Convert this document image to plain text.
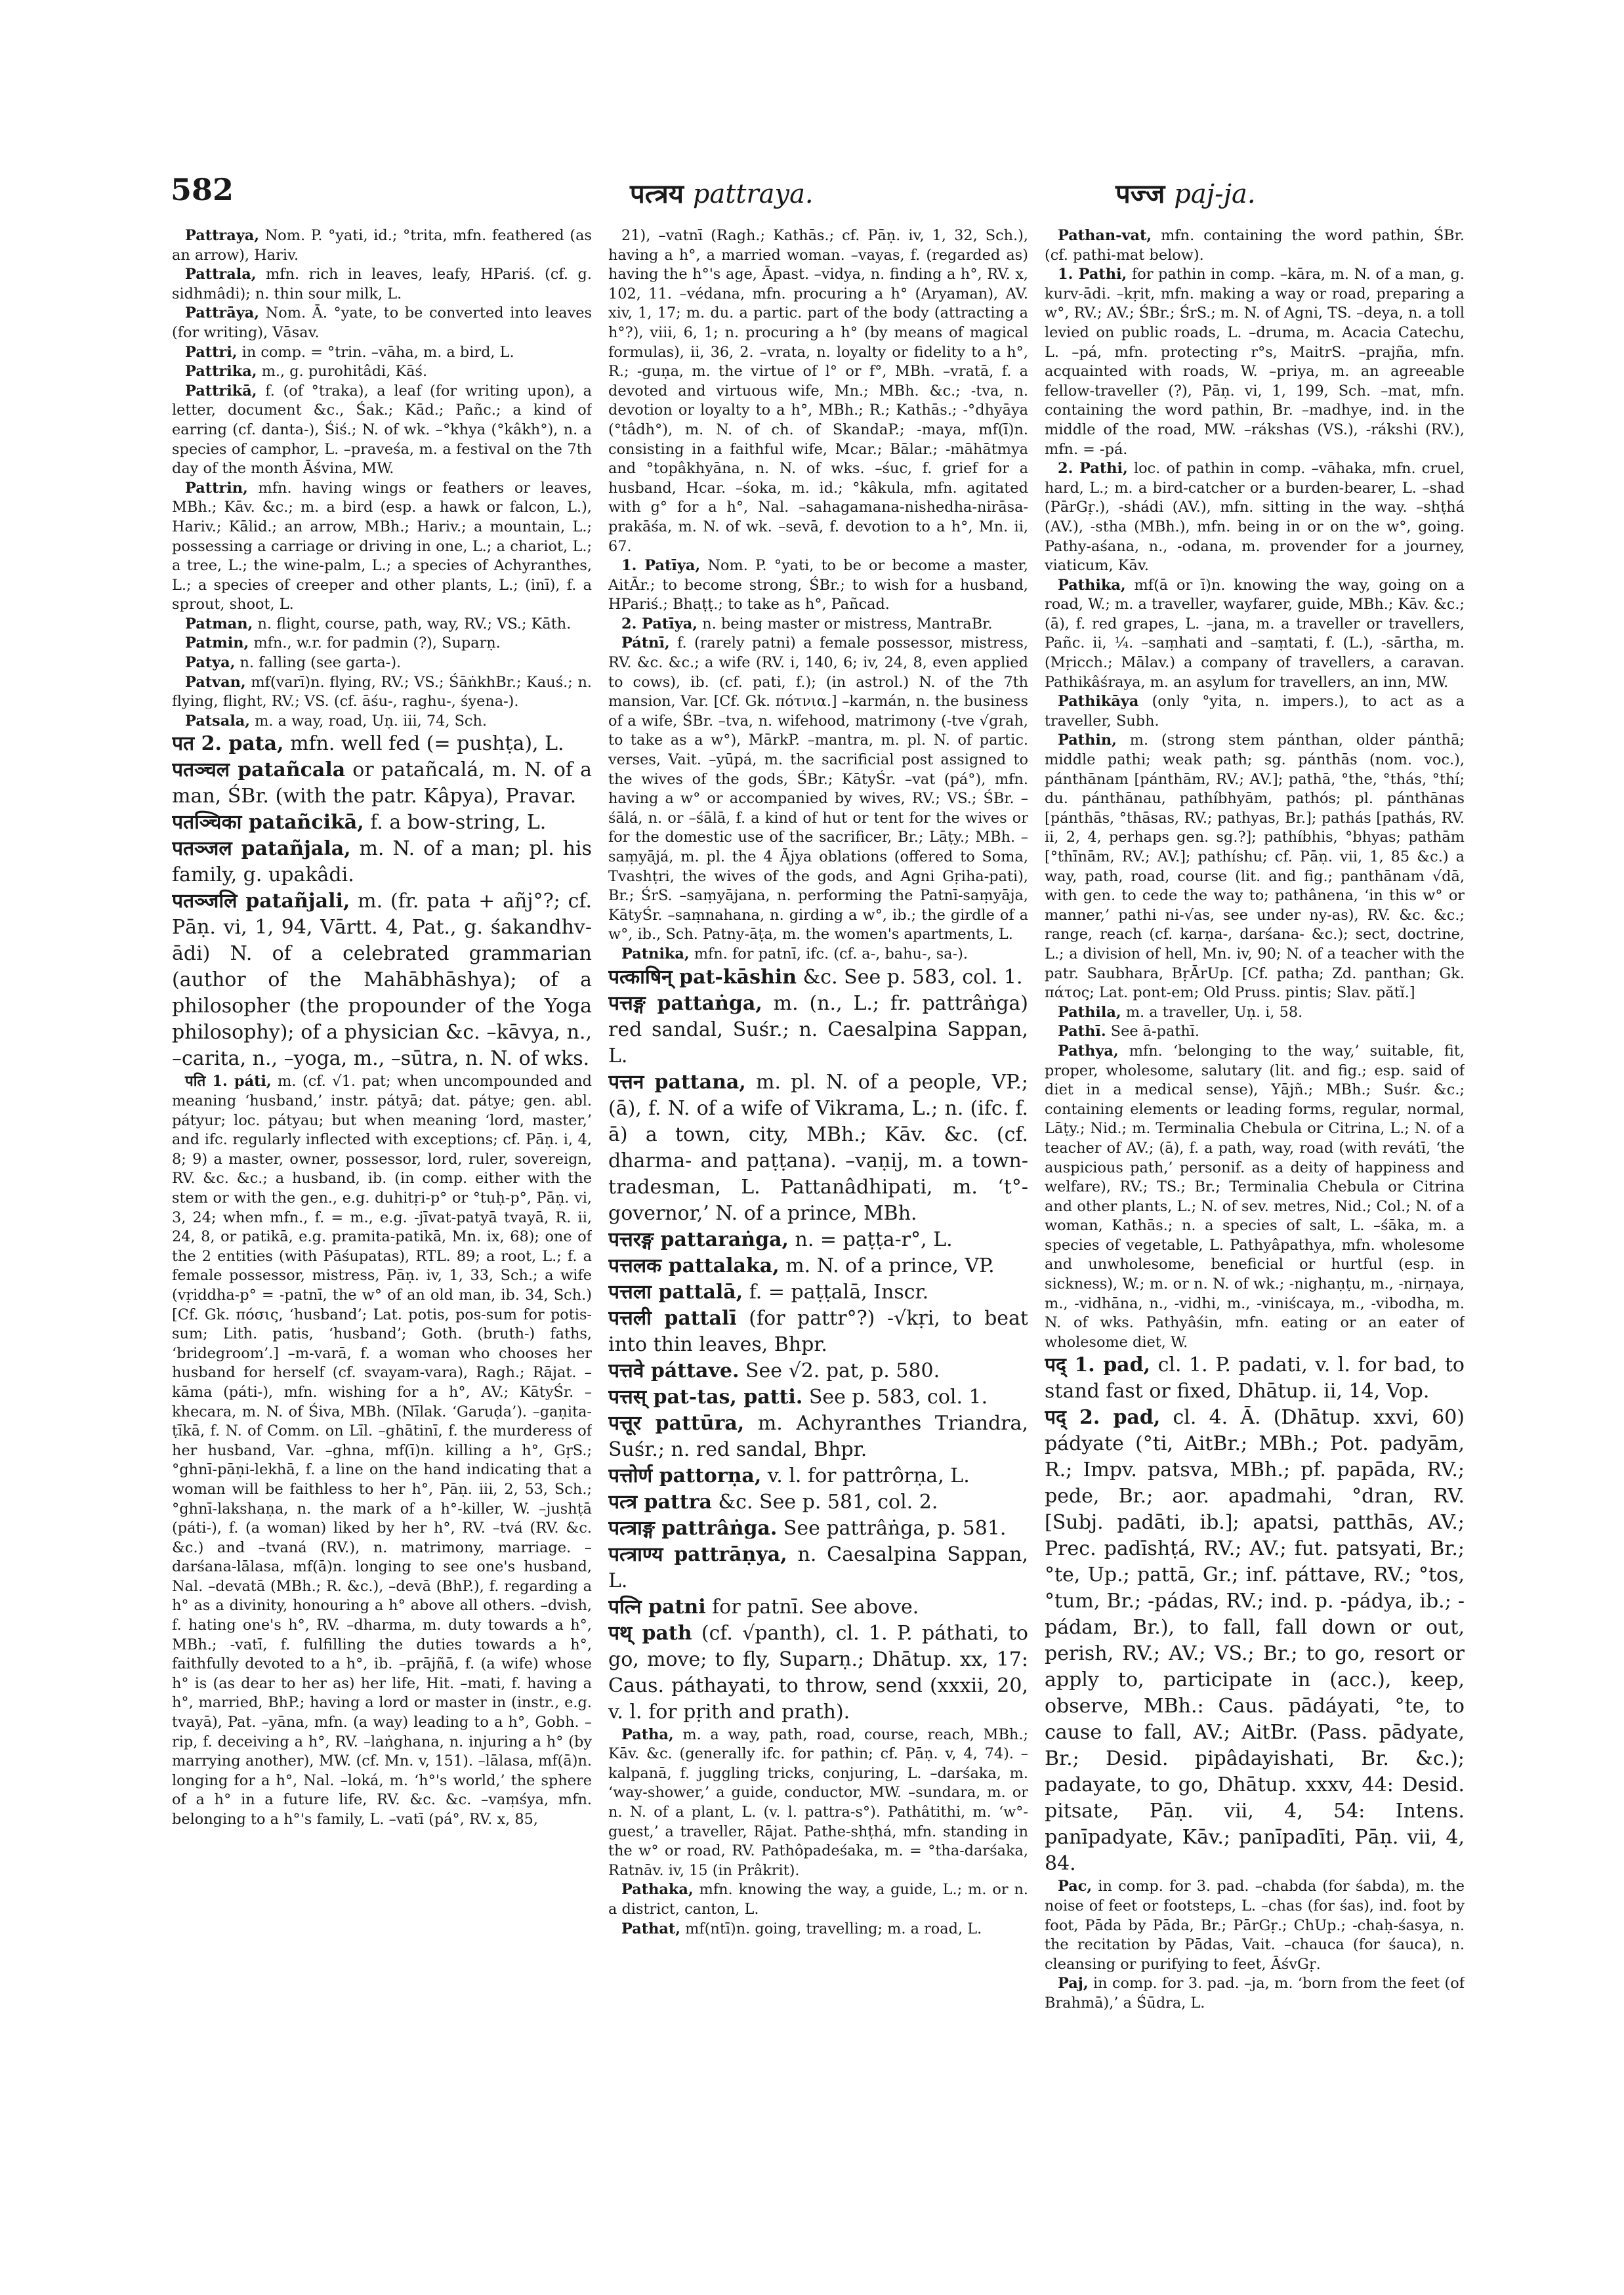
582	पत्त्रय pattraya.	पज्ज paj-ja.

Pattraya, Nom. P. °yati, id.; °trita, mfn. feathered (as an arrow), Hariv.

Pattrala, mfn. rich in leaves, leafy, HPariś. (cf. g. sidhmâdi); n. thin sour milk, L.

Pattrāya, Nom. Ā. °yate, to be converted into leaves (for writing), Vāsav.

Pattri, in comp. = °trin. –vāha, m. a bird, L.

Pattrika, m., g. purohitâdi, Kāś.

Pattrikā, f. (of °traka), a leaf (for writing upon), a letter, document &c., Śak.; Kād.; Pañc.; a kind of earring (cf. danta-), Śiś.; N. of wk. –°khya (°kâkh°), n. a species of camphor, L. –praveśa, m. a festival on the 7th day of the month Āśvina, MW.

Pattrin, mfn. having wings or feathers or leaves, MBh.; Kāv. &c.; m. a bird (esp. a hawk or falcon, L.), Hariv.; Kālid.; an arrow, MBh.; Hariv.; a mountain, L.; possessing a carriage or driving in one, L.; a chariot, L.; a tree, L.; the wine-palm, L.; a species of Achyranthes, L.; a species of creeper and other plants, L.; (inī), f. a sprout, shoot, L.

Patman, n. flight, course, path, way, RV.; VS.; Kāth.

Patmin, mfn., w.r. for padmin (?), Suparṇ.

Patya, n. falling (see garta-).

Patvan, mf(varī)n. flying, RV.; VS.; ŚāṅkhBr.; Kauś.; n. flying, flight, RV.; VS. (cf. āśu-, raghu-, śyena-).

Patsala, m. a way, road, Uṇ. iii, 74, Sch.

पत 2. pata, mfn. well fed (= pushṭa), L.

पतञ्चल patañcala or patañcalá, m. N. of a man, ŚBr. (with the patr. Kâpya), Pravar.

पतञ्चिका patañcikā, f. a bow-string, L.

पतञ्जल patañjala, m. N. of a man; pl. his family, g. upakâdi.

पतञ्जलि patañjali, m. (fr. pata + añj°?; cf. Pāṇ. vi, 1, 94, Vārtt. 4, Pat., g. śakandhv-ādi) N. of a celebrated grammarian (author of the Mahābhāshya); of a philosopher (the propounder of the Yoga philosophy); of a physician &c. –kāvya, n., –carita, n., –yoga, m., –sūtra, n. N. of wks.

पति 1. páti, m. (cf. √1. pat; when uncompounded and meaning ‘husband,’ instr. pátyā; dat. pátye; gen. abl. pátyur; loc. pátyau; but when meaning ‘lord, master,’ and ifc. regularly inflected with exceptions; cf. Pāṇ. i, 4, 8; 9) a master, owner, possessor, lord, ruler, sovereign, RV. &c. &c.; a husband, ib. (in comp. either with the stem or with the gen., e.g. duhitṛi-p° or °tuḥ-p°, Pāṇ. vi, 3, 24; when mfn., f. = m., e.g. -jīvat-patyā tvayā, R. ii, 24, 8, or patikā, e.g. pramita-patikā, Mn. ix, 68); one of the 2 entities (with Pāśupatas), RTL. 89; a root, L.; f. a female possessor, mistress, Pāṇ. iv, 1, 33, Sch.; a wife (vṛiddha-p° = -patnī, the w° of an old man, ib. 34, Sch.) [Cf. Gk. πόσις, ‘husband’; Lat. potis, pos-sum for potis-sum; Lith. patis, ‘husband’; Goth. (bruth-) faths, ‘bridegroom’.] –m-varā, f. a woman who chooses her husband for herself (cf. svayam-vara), Ragh.; Rājat. –kāma (páti-), mfn. wishing for a h°, AV.; KātyŚr. –khecara, m. N. of Śiva, MBh. (Nīlak. ‘Garuḍa’). –gaṇita-ṭīkā, f. N. of Comm. on Līl. –ghātinī, f. the murderess of her husband, Var. –ghna, mf(ī)n. killing a h°, GṛS.; °ghnī-pāṇi-lekhā, f. a line on the hand indicating that a woman will be faithless to her h°, Pāṇ. iii, 2, 53, Sch.; °ghnī-lakshaṇa, n. the mark of a h°-killer, W. –jushṭā (páti-), f. (a woman) liked by her h°, RV. –tvá (RV. &c. &c.) and –tvaná (RV.), n. matrimony, marriage. –darśana-lālasa, mf(ā)n. longing to see one's husband, Nal. –devatā (MBh.; R. &c.), –devā (BhP.), f. regarding a h° as a divinity, honouring a h° above all others. –dvish, f. hating one's h°, RV. –dharma, m. duty towards a h°, MBh.; -vatī, f. fulfilling the duties towards a h°, faithfully devoted to a h°, ib. –prājñā, f. (a wife) whose h° is (as dear to her as) her life, Hit. –mati, f. having a h°, married, BhP.; having a lord or master in (instr., e.g. tvayā), Pat. –yāna, mfn. (a way) leading to a h°, Gobh. –rip, f. deceiving a h°, RV. –laṅghana, n. injuring a h° (by marrying another), MW. (cf. Mn. v, 151). –lālasa, mf(ā)n. longing for a h°, Nal. –loká, m. ‘h°'s world,’ the sphere of a h° in a future life, RV. &c. &c. –vaṃśya, mfn. belonging to a h°'s family, L. –vatī (pá°, RV. x, 85,

21), –vatnī (Ragh.; Kathās.; cf. Pāṇ. iv, 1, 32, Sch.), having a h°, a married woman. –vayas, f. (regarded as) having the h°'s age, Āpast. –vidya, n. finding a h°, RV. x, 102, 11. –védana, mfn. procuring a h° (Aryaman), AV. xiv, 1, 17; m. du. a partic. part of the body (attracting a h°?), viii, 6, 1; n. procuring a h° (by means of magical formulas), ii, 36, 2. –vrata, n. loyalty or fidelity to a h°, R.; -guṇa, m. the virtue of l° or f°, MBh. –vratā, f. a devoted and virtuous wife, Mn.; MBh. &c.; -tva, n. devotion or loyalty to a h°, MBh.; R.; Kathās.; -°dhyāya (°tâdh°), m. N. of ch. of SkandaP.; -maya, mf(ī)n. consisting in a faithful wife, Mcar.; Bālar.; -māhātmya and °topâkhyāna, n. N. of wks. –śuc, f. grief for a husband, Hcar. –śoka, m. id.; °kâkula, mfn. agitated with g° for a h°, Nal. –sahagamana-nishedha-nirāsa-prakāśa, m. N. of wk. –sevā, f. devotion to a h°, Mn. ii, 67.

1. Patīya, Nom. P. °yati, to be or become a master, AitĀr.; to become strong, ŚBr.; to wish for a husband, HPariś.; Bhaṭṭ.; to take as h°, Pañcad.

2. Patīya, n. being master or mistress, MantraBr.

Pátnī, f. (rarely patni) a female possessor, mistress, RV. &c. &c.; a wife (RV. i, 140, 6; iv, 24, 8, even applied to cows), ib. (cf. pati, f.); (in astrol.) N. of the 7th mansion, Var. [Cf. Gk. πότνια.] –karmán, n. the business of a wife, ŚBr. –tva, n. wifehood, matrimony (-tve √grah, to take as a w°), MārkP. –mantra, m. pl. N. of partic. verses, Vait. –yūpá, m. the sacrificial post assigned to the wives of the gods, ŚBr.; KātyŚr. –vat (pá°), mfn. having a w° or accompanied by wives, RV.; VS.; ŚBr. –śālá, n. or –śālā, f. a kind of hut or tent for the wives or for the domestic use of the sacrificer, Br.; Lāṭy.; MBh. –saṃyājá, m. pl. the 4 Ājya oblations (offered to Soma, Tvashṭri, the wives of the gods, and Agni Gṛiha-pati), Br.; ŚrS. –saṃyājana, n. performing the Patnī-saṃyāja, KātyŚr. –saṃnahana, n. girding a w°, ib.; the girdle of a w°, ib., Sch. Patny-āṭa, m. the women's apartments, L.

Patnika, mfn. for patnī, ifc. (cf. a-, bahu-, sa-).

पत्काषिन् pat-kāshin &c. See p. 583, col. 1.

पत्तङ्ग pattaṅga, m. (n., L.; fr. pattrâṅga) red sandal, Suśr.; n. Caesalpina Sappan, L.

पत्तन pattana, m. pl. N. of a people, VP.; (ā), f. N. of a wife of Vikrama, L.; n. (ifc. f. ā) a town, city, MBh.; Kāv. &c. (cf. dharma- and paṭṭana). –vaṇij, m. a town-tradesman, L. Pattanâdhipati, m. ‘t°-governor,’ N. of a prince, MBh.

पत्तरङ्ग pattaraṅga, n. = paṭṭa-r°, L.

पत्तलक pattalaka, m. N. of a prince, VP.

पत्तला pattalā, f. = paṭṭalā, Inscr.

पत्तली pattalī (for pattr°?) -√kṛi, to beat into thin leaves, Bhpr.

पत्तवे páttave. See √2. pat, p. 580.

पत्तस् pat-tas, patti. See p. 583, col. 1.

पत्तूर pattūra, m. Achyranthes Triandra, Suśr.; n. red sandal, Bhpr.

पत्तोर्ण pattorṇa, v. l. for pattrôrṇa, L.

पत्त्र pattra &c. See p. 581, col. 2.

पत्त्राङ्ग pattrâṅga. See pattrâṅga, p. 581.

पत्त्राण्य pattrāṇya, n. Caesalpina Sappan, L.

पत्नि patni for patnī. See above.

पथ् path (cf. √panth), cl. 1. P. páthati, to go, move; to fly, Suparṇ.; Dhātup. xx, 17: Caus. páthayati, to throw, send (xxxii, 20, v. l. for pṛith and prath).

Patha, m. a way, path, road, course, reach, MBh.; Kāv. &c. (generally ifc. for pathin; cf. Pāṇ. v, 4, 74). –kalpanā, f. juggling tricks, conjuring, L. –darśaka, m. ‘way-shower,’ a guide, conductor, MW. –sundara, m. or n. N. of a plant, L. (v. l. pattra-s°). Pathâtithi, m. ‘w°-guest,’ a traveller, Rājat. Pathe-shṭhá, mfn. standing in the w° or road, RV. Pathôpadeśaka, m. = °tha-darśaka, Ratnāv. iv, 15 (in Prâkrit).

Pathaka, mfn. knowing the way, a guide, L.; m. or n. a district, canton, L.

Pathat, mf(ntī)n. going, travelling; m. a road, L.

Pathan-vat, mfn. containing the word pathin, ŚBr. (cf. pathi-mat below).

1. Pathi, for pathin in comp. –kāra, m. N. of a man, g. kurv-ādi. –kṛit, mfn. making a way or road, preparing a w°, RV.; AV.; ŚBr.; ŚrS.; m. N. of Agni, TS. –deya, n. a toll levied on public roads, L. –druma, m. Acacia Catechu, L. –pá, mfn. protecting r°s, MaitrS. –prajña, mfn. acquainted with roads, W. –priya, m. an agreeable fellow-traveller (?), Pāṇ. vi, 1, 199, Sch. –mat, mfn. containing the word pathin, Br. –madhye, ind. in the middle of the road, MW. –rákshas (VS.), -rákshi (RV.), mfn. = -pá.

2. Pathi, loc. of pathin in comp. –vāhaka, mfn. cruel, hard, L.; m. a bird-catcher or a burden-bearer, L. –shad (PārGṛ.), -shádi (AV.), mfn. sitting in the way. –shṭhá (AV.), -stha (MBh.), mfn. being in or on the w°, going. Pathy-aśana, n., -odana, m. provender for a journey, viaticum, Kāv.

Pathika, mf(ā or ī)n. knowing the way, going on a road, W.; m. a traveller, wayfarer, guide, MBh.; Kāv. &c.; (ā), f. red grapes, L. –jana, m. a traveller or travellers, Pañc. ii, ¼. –saṃhati and –saṃtati, f. (L.), -sārtha, m. (Mṛicch.; Mālav.) a company of travellers, a caravan. Pathikâśraya, m. an asylum for travellers, an inn, MW.

Pathikāya (only °yita, n. impers.), to act as a traveller, Subh.

Pathin, m. (strong stem pánthan, older pánthā; middle pathi; weak path; sg. pánthās (nom. voc.), pánthānam [pánthām, RV.; AV.]; pathā, °the, °thás, °thí; du. pánthānau, pathíbhyām, pathós; pl. pánthānas [pánthās, °thāsas, RV.; pathyas, Br.]; pathás [pathás, RV. ii, 2, 4, perhaps gen. sg.?]; pathíbhis, °bhyas; pathām [°thīnām, RV.; AV.]; pathíshu; cf. Pāṇ. vii, 1, 85 &c.) a way, path, road, course (lit. and fig.; panthānam √dā, with gen. to cede the way to; pathânena, ‘in this w° or manner,’ pathi ni-√as, see under ny-as), RV. &c. &c.; range, reach (cf. karṇa-, darśana- &c.); sect, doctrine, L.; a division of hell, Mn. iv, 90; N. of a teacher with the patr. Saubhara, BṛĀrUp. [Cf. patha; Zd. panthan; Gk. πάτος; Lat. pont-em; Old Pruss. pintis; Slav. pătĭ.]

Pathila, m. a traveller, Uṇ. i, 58.

Pathī. See ā-pathī.

Pathya, mfn. ‘belonging to the way,’ suitable, fit, proper, wholesome, salutary (lit. and fig.; esp. said of diet in a medical sense), Yājñ.; MBh.; Suśr. &c.; containing elements or leading forms, regular, normal, Lāṭy.; Nid.; m. Terminalia Chebula or Citrina, L.; N. of a teacher of AV.; (ā), f. a path, way, road (with revátī, ‘the auspicious path,’ personif. as a deity of happiness and welfare), RV.; TS.; Br.; Terminalia Chebula or Citrina and other plants, L.; N. of sev. metres, Nid.; Col.; N. of a woman, Kathās.; n. a species of salt, L. –śāka, m. a species of vegetable, L. Pathyâpathya, mfn. wholesome and unwholesome, beneficial or hurtful (esp. in sickness), W.; m. or n. N. of wk.; -nighaṇṭu, m., -nirṇaya, m., -vidhāna, n., -vidhi, m., -viniścaya, m., -vibodha, m. N. of wks. Pathyâśin, mfn. eating or an eater of wholesome diet, W.

पद् 1. pad, cl. 1. P. padati, v. l. for bad, to stand fast or fixed, Dhātup. ii, 14, Vop.

पद् 2. pad, cl. 4. Ā. (Dhātup. xxvi, 60) pádyate (°ti, AitBr.; MBh.; Pot. padyām, R.; Impv. patsva, MBh.; pf. papāda, RV.; pede, Br.; aor. apadmahi, °dran, RV. [Subj. padāti, ib.]; apatsi, patthās, AV.; Prec. padīshṭá, RV.; AV.; fut. patsyati, Br.; °te, Up.; pattā, Gr.; inf. páttave, RV.; °tos, °tum, Br.; -pádas, RV.; ind. p. -pádya, ib.; -pádam, Br.), to fall, fall down or out, perish, RV.; AV.; VS.; Br.; to go, resort or apply to, participate in (acc.), keep, observe, MBh.: Caus. pādáyati, °te, to cause to fall, AV.; AitBr. (Pass. pādyate, Br.; Desid. pipâdayishati, Br. &c.); padayate, to go, Dhātup. xxxv, 44: Desid. pitsate, Pāṇ. vii, 4, 54: Intens. panīpadyate, Kāv.; panīpadīti, Pāṇ. vii, 4, 84.

Pac, in comp. for 3. pad. –chabda (for śabda), m. the noise of feet or footsteps, L. –chas (for śas), ind. foot by foot, Pāda by Pāda, Br.; PārGṛ.; ChUp.; -chaḥ-śasya, n. the recitation by Pādas, Vait. –chauca (for śauca), n. cleansing or purifying to feet, ĀśvGṛ.

Paj, in comp. for 3. pad. –ja, m. ‘born from the feet (of Brahmā),’ a Śūdra, L.
